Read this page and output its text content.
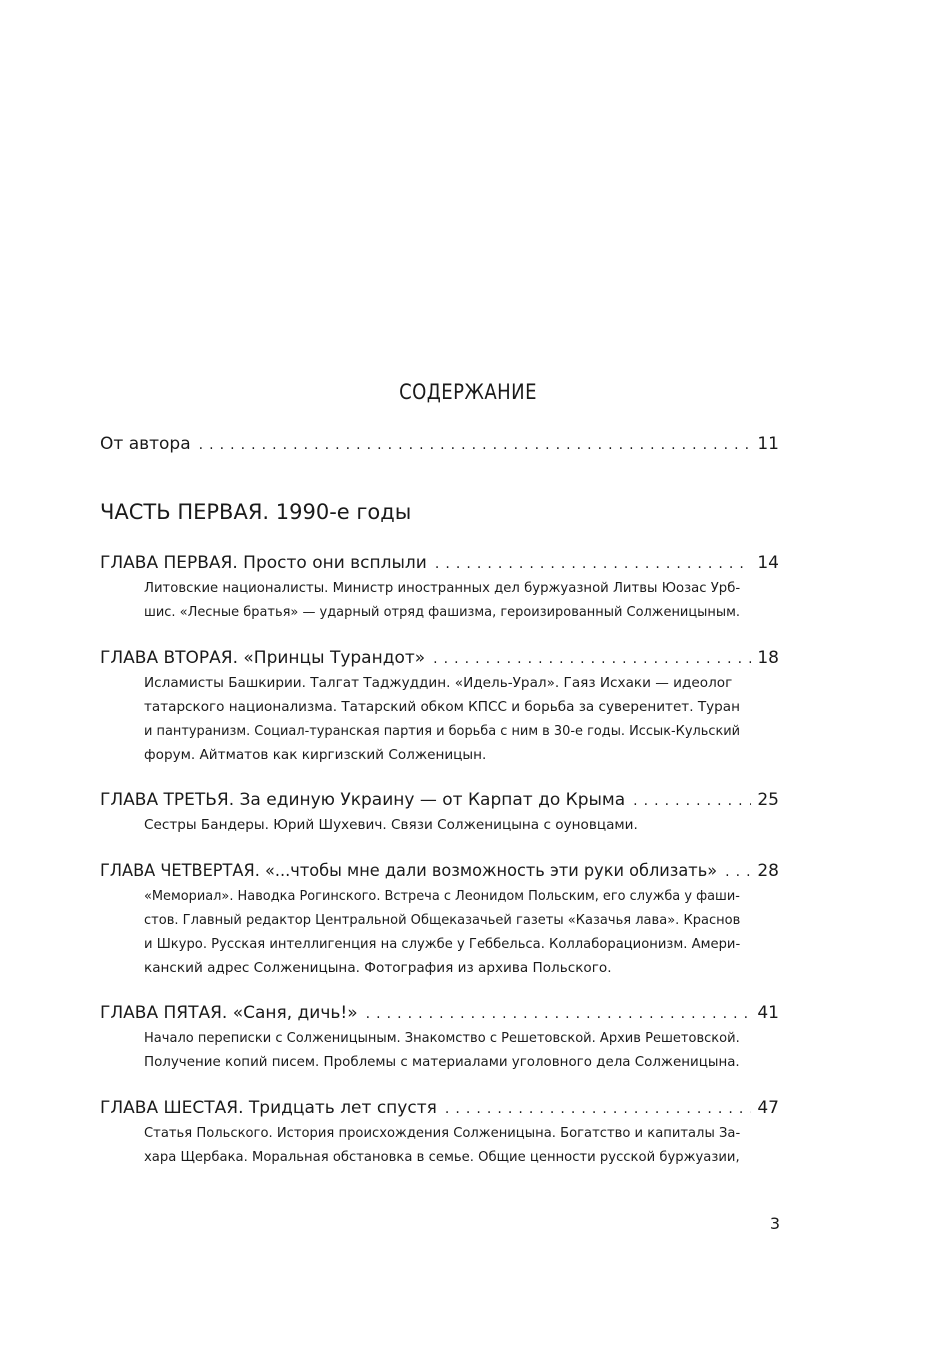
СОДЕРЖАНИЕ
От автора . . .	11
ЧАСТЬ ПЕРВАЯ. 1990-е годы
ГЛАВА ПЕРВАЯ. Просто они всплыли . . .	14
Литовские националисты. Министр иностранных дел буржуазной Литвы Юозас Урб-
шис. «Лесные братья» — ударный отряд фашизма, героизированный Солженицыным.
ГЛАВА ВТОРАЯ. «Принцы Турандот» . . .	18
Исламисты Башкирии. Талгат Таджуддин. «Идель-Урал». Гаяз Исхаки — идеолог
татарского национализма. Татарский обком КПСС и борьба за суверенитет. Туран
и пантуранизм. Социал-туранская партия и борьба с ним в 30-е годы. Иссык-Кульский
форум. Айтматов как киргизский Солженицын.
ГЛАВА ТРЕТЬЯ. За единую Украину — от Карпат до Крыма . . .	25
Сестры Бандеры. Юрий Шухевич. Связи Солженицына с оуновцами.
ГЛАВА ЧЕТВЕРТАЯ. «...чтобы мне дали возможность эти руки облизать» . . . 28
«Мемориал». Наводка Рогинского. Встреча с Леонидом Польским, его служба у фаши-
стов. Главный редактор Центральной Общеказачьей газеты «Казачья лава». Краснов
и Шкуро. Русская интеллигенция на службе у Геббельса. Коллаборационизм. Амери-
канский адрес Солженицына. Фотография из архива Польского.
ГЛАВА ПЯТАЯ. «Саня, дичь!» . . .	41
Начало переписки с Солженицыным. Знакомство с Решетовской. Архив Решетовской.
Получение копий писем. Проблемы с материалами уголовного дела Солженицына.
ГЛАВА ШЕСТАЯ. Тридцать лет спустя . . .	47
Статья Польского. История происхождения Солженицына. Богатство и капиталы За-
хара Щербака. Моральная обстановка в семье. Общие ценности русской буржуазии,
3
